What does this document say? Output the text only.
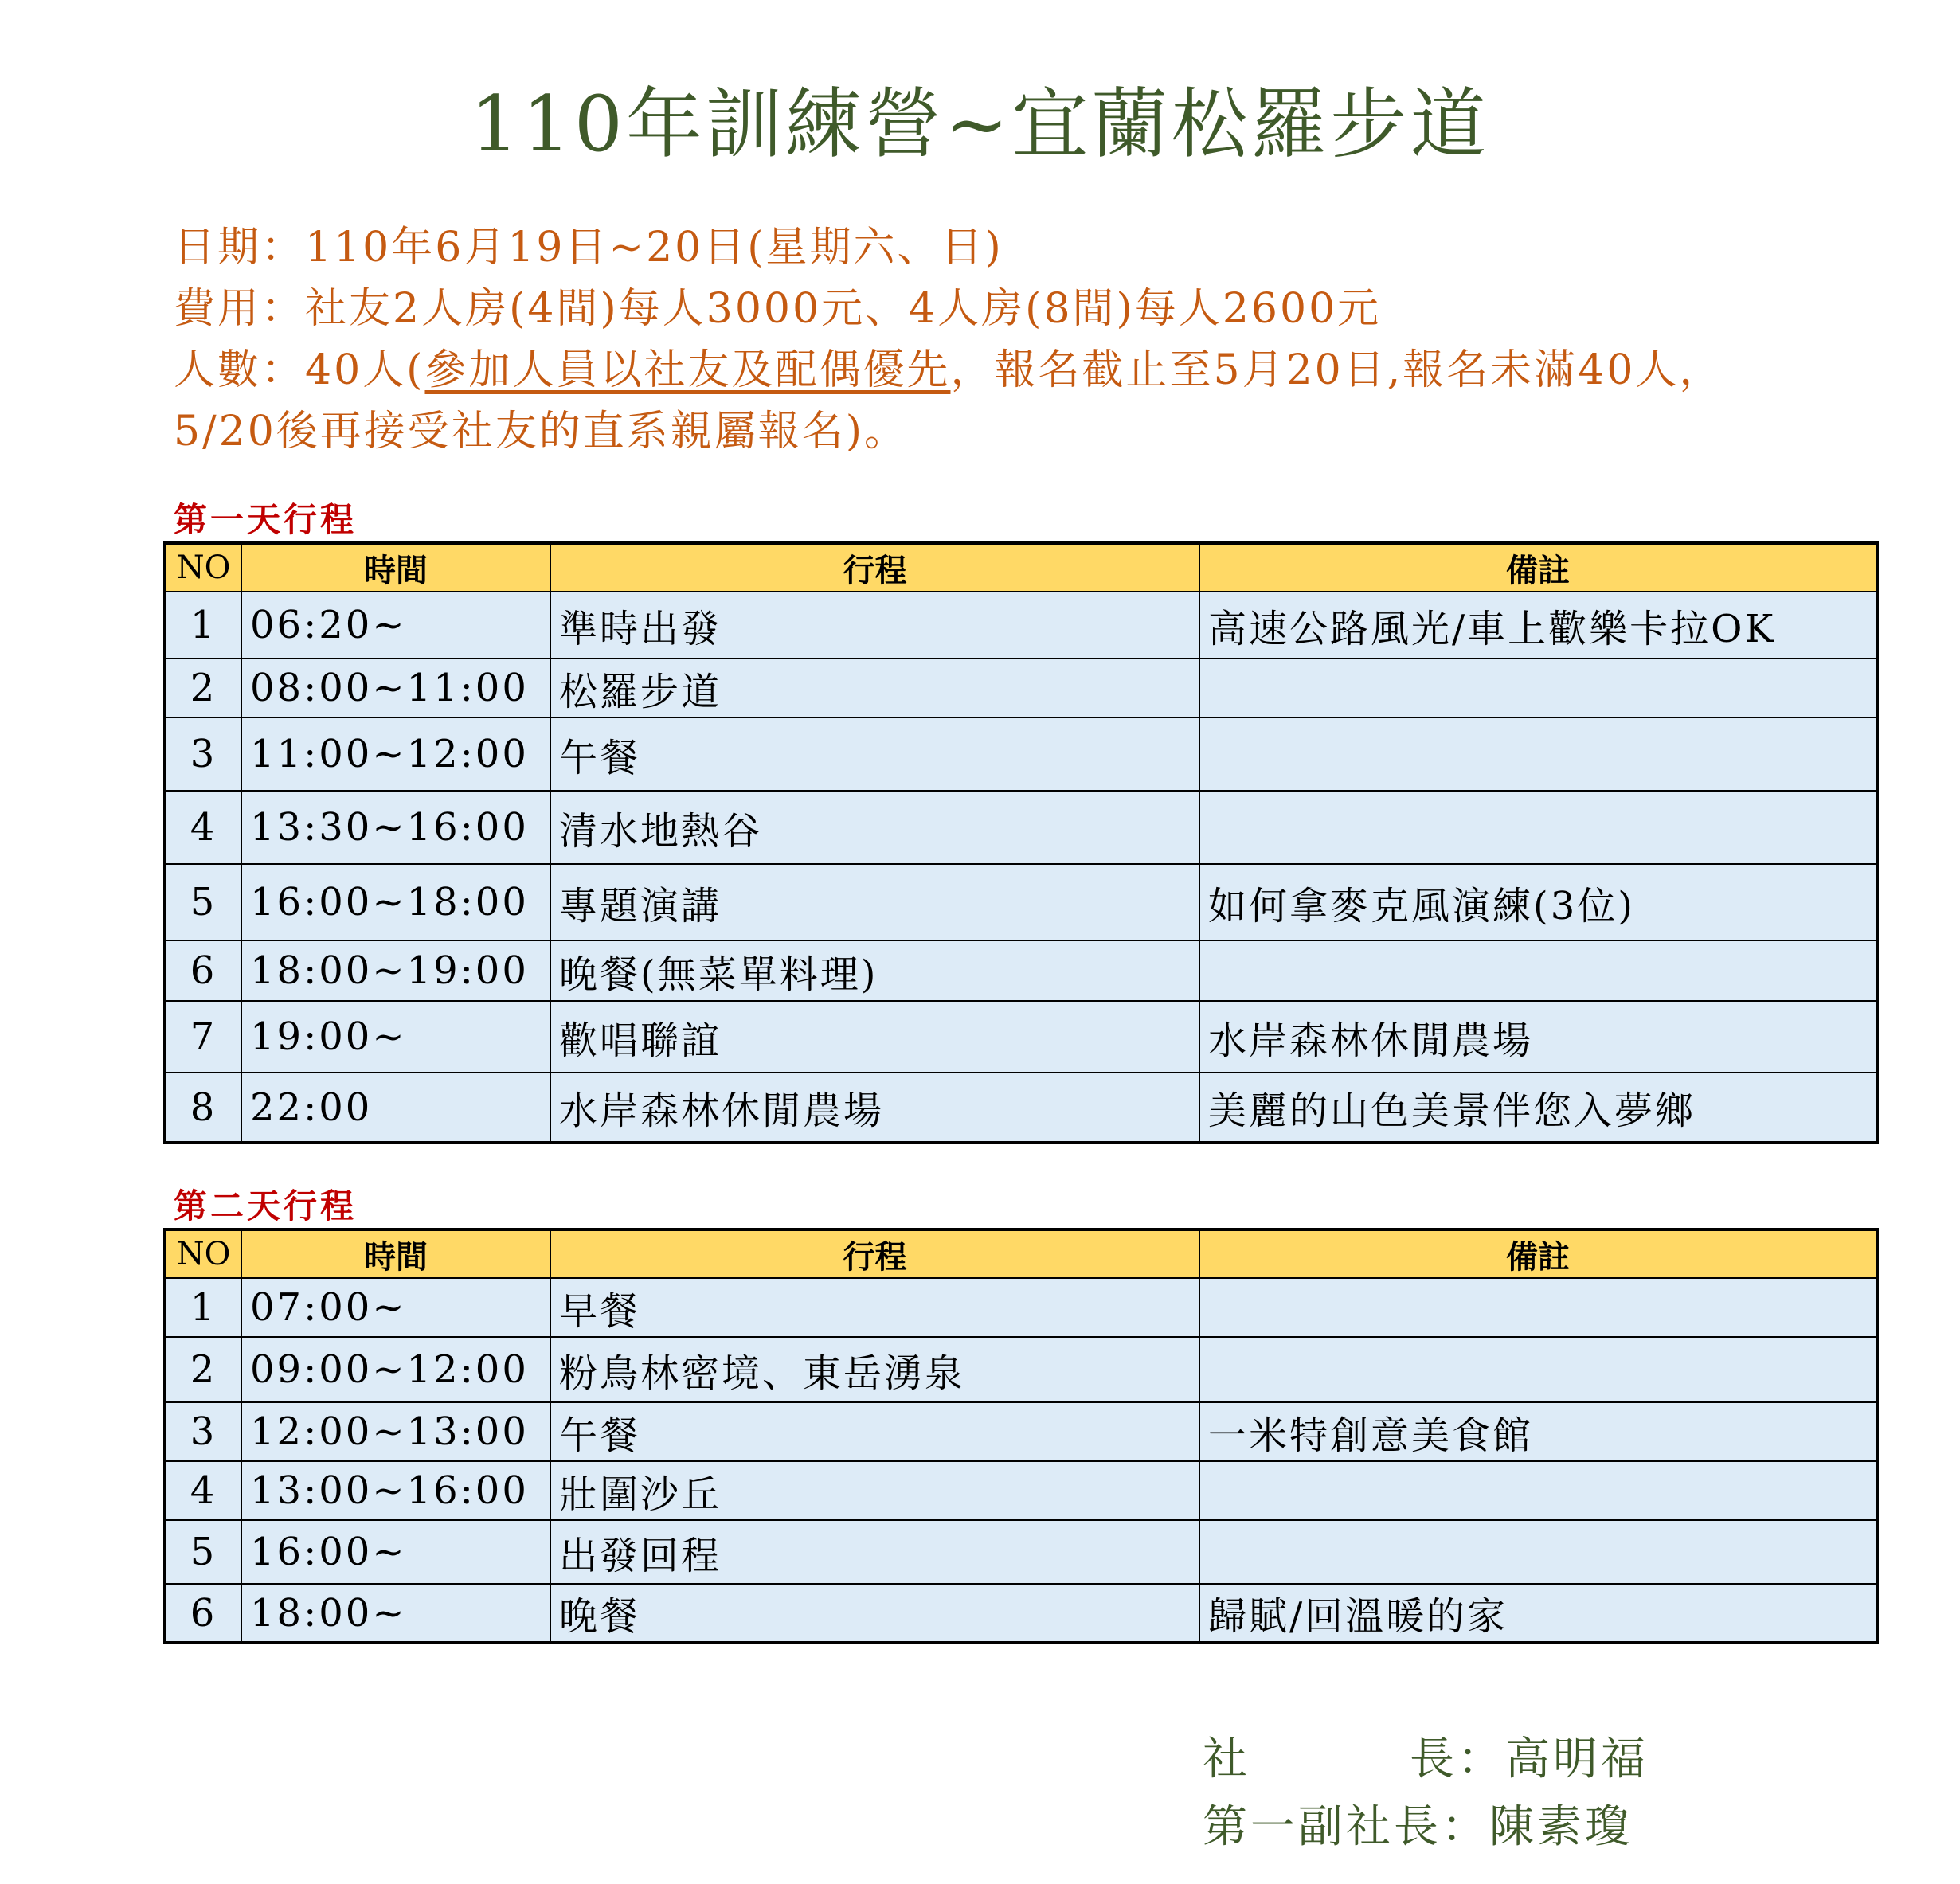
110年訓練營~宜蘭松羅步道
日期：110年6月19日~20日(星期六、日)
費用：社友2人房(4間)每人3000元、4人房(8間)每人2600元
人數：40人(參加人員以社友及配偶優先，報名截止至5月20日,報名未滿40人，
5/20後再接受社友的直系親屬報名)。
第一天行程
NO	時間	行程	備註
1	06:20~	準時出發	高速公路風光/車上歡樂卡拉OK
2	08:00~11:00	松羅步道	
3	11:00~12:00	午餐	
4	13:30~16:00	清水地熱谷	
5	16:00~18:00	專題演講	如何拿麥克風演練(3位)
6	18:00~19:00	晚餐(無菜單料理)	
7	19:00~	歡唱聯誼	水岸森林休閒農場
8	22:00	水岸森林休閒農場	美麗的山色美景伴您入夢鄉
第二天行程
NO	時間	行程	備註
1	07:00~	早餐	
2	09:00~12:00	粉鳥林密境、東岳湧泉	
3	12:00~13:00	午餐	一米特創意美食館
4	13:00~16:00	壯圍沙丘	
5	16:00~	出發回程	
6	18:00~	晚餐	歸賦/回溫暖的家
社	長：高明福
第一副社長：陳素瓊
